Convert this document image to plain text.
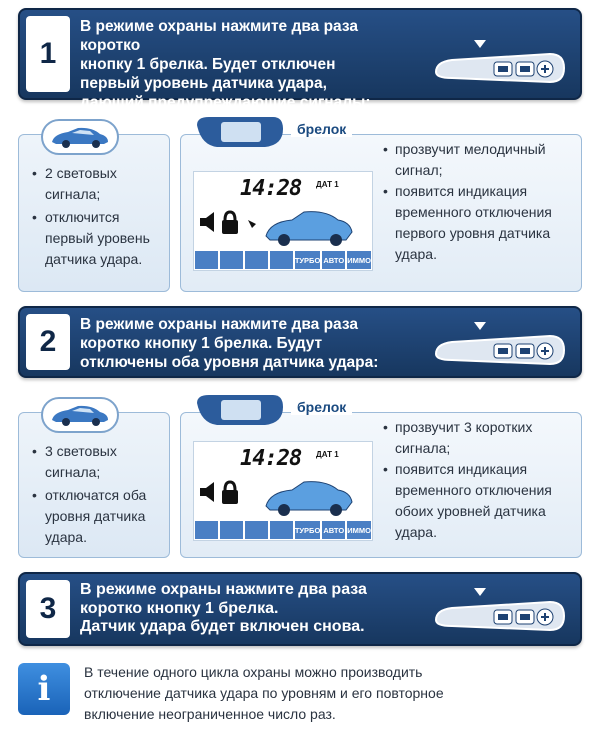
1
В режиме охраны нажмите два раза коротко
кнопку 1 брелка. Будет отключен
первый уровень датчика удара,
дающий предупреждающие сигналы:
• 2 световых сигнала;
• отключится первый уровень датчика удара.
брелок
14:28 ДАТ 1
ТУРБО АВТО ИММО
• прозвучит мелодичный сигнал;
• появится индикация временного отключения первого уровня датчика удара.
2
В режиме охраны нажмите два раза
коротко кнопку 1 брелка. Будут
отключены оба уровня датчика удара:
• 3 световых сигнала;
• отключатся оба уровня датчика удара.
брелок
14:28 ДАТ 1
ТУРБО АВТО ИММО
• прозвучит 3 коротких сигнала;
• появится индикация временного отключения обоих уровней датчика удара.
3
В режиме охраны нажмите два раза
коротко кнопку 1 брелка.
Датчик удара будет включен снова.
i	В течение одного цикла охраны можно производить
отключение датчика удара по уровням и его повторное
включение неограниченное число раз.
